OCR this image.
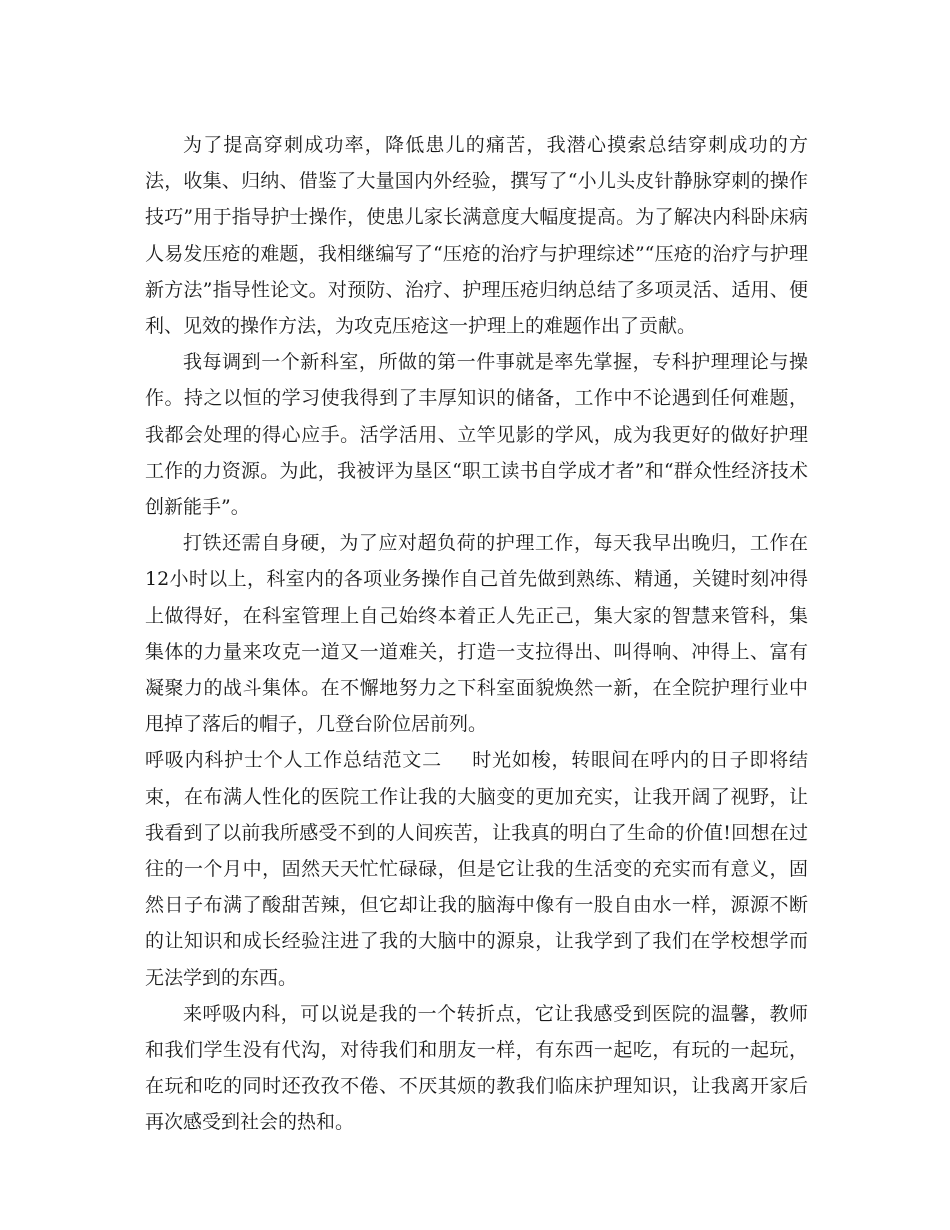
为了提高穿刺成功率，降低患儿的痛苦，我潜心摸索总结穿刺成功的方法，收集、归纳、借鉴了大量国内外经验，撰写了“小儿头皮针静脉穿刺的操作技巧”用于指导护士操作，使患儿家长满意度大幅度提高。为了解决内科卧床病人易发压疮的难题，我相继编写了“压疮的治疗与护理综述”“压疮的治疗与护理新方法”指导性论文。对预防、治疗、护理压疮归纳总结了多项灵活、适用、便利、见效的操作方法，为攻克压疮这一护理上的难题作出了贡献。

我每调到一个新科室，所做的第一件事就是率先掌握，专科护理理论与操作。持之以恒的学习使我得到了丰厚知识的储备，工作中不论遇到任何难题，我都会处理的得心应手。活学活用、立竿见影的学风，成为我更好的做好护理工作的力资源。为此，我被评为垦区“职工读书自学成才者”和“群众性经济技术创新能手”。

打铁还需自身硬，为了应对超负荷的护理工作，每天我早出晚归，工作在12小时以上，科室内的各项业务操作自己首先做到熟练、精通，关键时刻冲得上做得好，在科室管理上自己始终本着正人先正己，集大家的智慧来管科，集集体的力量来攻克一道又一道难关，打造一支拉得出、叫得响、冲得上、富有凝聚力的战斗集体。在不懈地努力之下科室面貌焕然一新，在全院护理行业中甩掉了落后的帽子，几登台阶位居前列。

呼吸内科护士个人工作总结范文二 时光如梭，转眼间在呼内的日子即将结束，在布满人性化的医院工作让我的大脑变的更加充实，让我开阔了视野，让我看到了以前我所感受不到的人间疾苦，让我真的明白了生命的价值!回想在过往的一个月中，固然天天忙忙碌碌，但是它让我的生活变的充实而有意义，固然日子布满了酸甜苦辣，但它却让我的脑海中像有一股自由水一样，源源不断的让知识和成长经验注进了我的大脑中的源泉，让我学到了我们在学校想学而无法学到的东西。

来呼吸内科，可以说是我的一个转折点，它让我感受到医院的温馨，教师和我们学生没有代沟，对待我们和朋友一样，有东西一起吃，有玩的一起玩，在玩和吃的同时还孜孜不倦、不厌其烦的教我们临床护理知识，让我离开家后再次感受到社会的热和。
